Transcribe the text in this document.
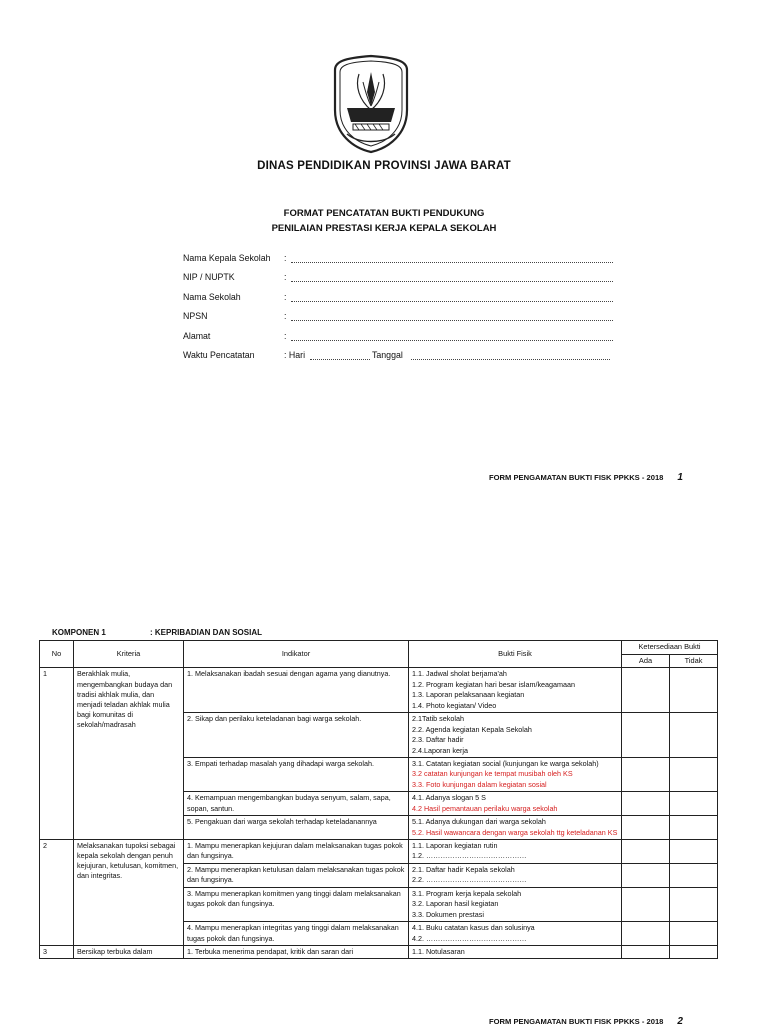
DINAS PENDIDIKAN PROVINSI JAWA BARAT
FORMAT PENCATATAN BUKTI PENDUKUNG
PENILAIAN PRESTASI KERJA KEPALA SEKOLAH
Nama Kepala Sekolah :
NIP / NUPTK	:
Nama Sekolah	:
NPSN	:
Alamat	:
Waktu Pencatatan	: Hari	Tanggal
FORM PENGAMATAN BUKTI FISK PPKKS - 2018 1
KOMPONEN 1	: KEPRIBADIAN DAN SOSIAL
No	Kriteria	Indikator	Bukti Fisik	Ketersediaan Bukti	
				Ada	Tidak
1	Berakhlak mulia, mengembangkan budaya dan tradisi akhlak mulia, dan menjadi teladan akhlak mulia bagi komunitas di sekolah/madrasah	1. Melaksanakan ibadah sesuai dengan agama yang dianutnya.	1.1. Jadwal sholat berjama'ah
1.2. Program kegiatan hari besar islam/keagamaan
1.3. Laporan pelaksanaan kegiatan
1.4. Photo kegiatan/ Video		

		2. Sikap dan perilaku keteladanan bagi warga sekolah.	2.1Tatib sekolah
2.2. Agenda kegiatan Kepala Sekolah
2.3. Daftar hadir
2.4.Laporan kerja		

		3. Empati terhadap masalah yang dihadapi warga sekolah.	3.1. Catatan kegiatan social (kunjungan ke warga sekolah)
3.2 catatan kunjungan ke tempat musibah oleh KS
3.3. Foto kunjungan dalam kegiatan sosial		

		4. Kemampuan mengembangkan budaya senyum, salam, sapa, sopan, santun.	4.1. Adanya slogan 5 S
4.2 Hasil pemantauan perilaku warga sekolah		

		5. Pengakuan dari warga sekolah terhadap keteladanannya	5.1. Adanya dukungan dari warga sekolah
5.2. Hasil wawancara dengan warga sekolah ttg keteladanan KS		

2	Melaksanakan tupoksi sebagai kepala sekolah dengan penuh kejujuran, ketulusan, komitmen, dan integritas.	1. Mampu menerapkan kejujuran dalam melaksanakan tugas pokok dan fungsinya.	1.1. Laporan kegiatan rutin
1.2. ……………………………………		

		2. Mampu menerapkan ketulusan dalam melaksanakan tugas pokok dan fungsinya.	2.1. Daftar hadir Kepala sekolah
2.2. ……………………………………		

		3. Mampu menerapkan komitmen yang tinggi dalam melaksanakan tugas pokok dan fungsinya.	3.1. Program kerja kepala sekolah
3.2. Laporan hasil kegiatan
3.3. Dokumen prestasi		

		4. Mampu menerapkan integritas yang tinggi dalam melaksanakan tugas pokok dan fungsinya.	4.1. Buku catatan kasus dan solusinya
4.2. ……………………………………		

3	Bersikap terbuka dalam	1. Terbuka menerima pendapat, kritik dan saran dari	1.1. Notulasaran		

FORM PENGAMATAN BUKTI FISK PPKKS - 2018 2
